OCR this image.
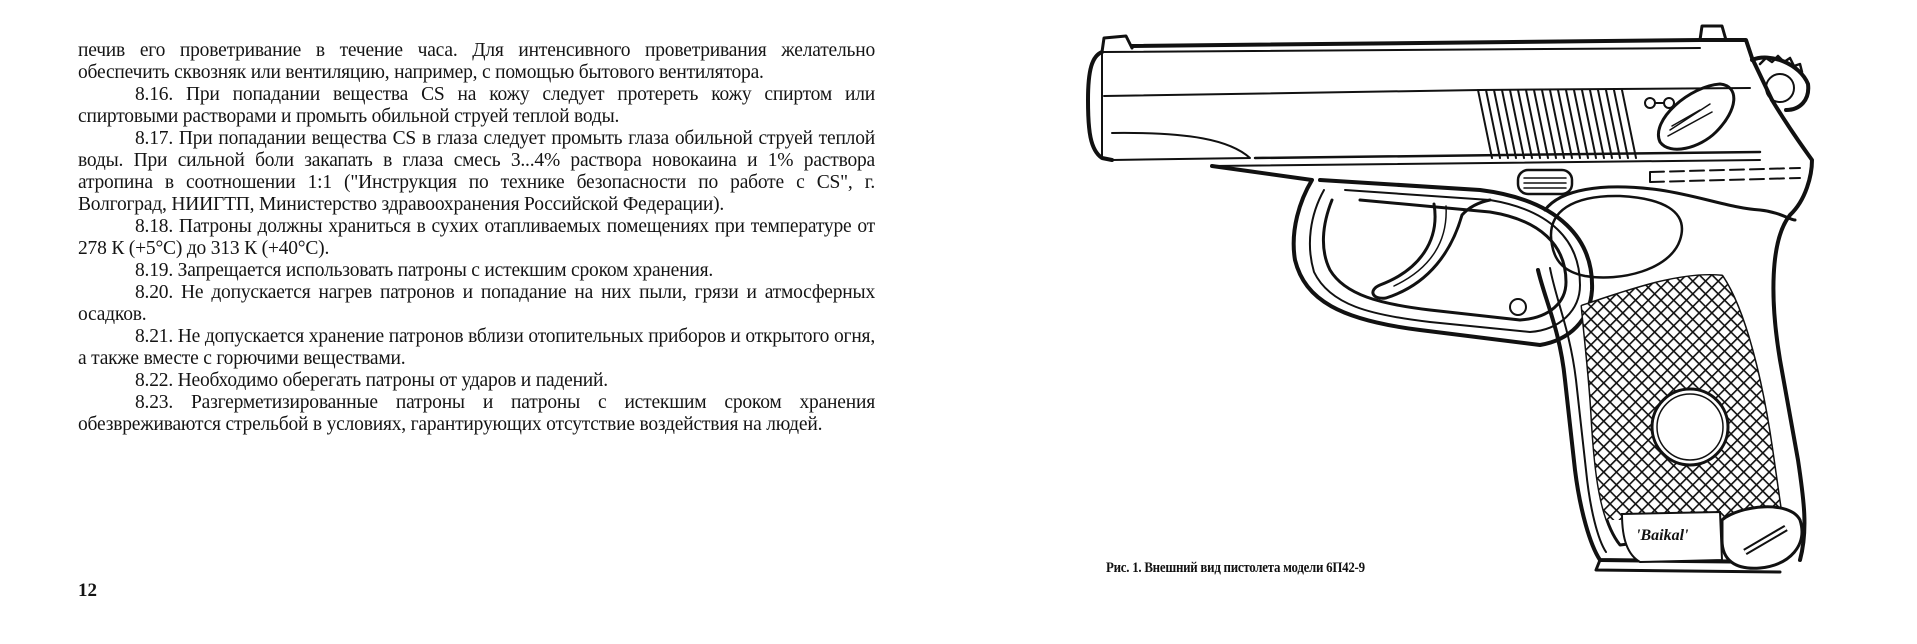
печив его проветривание в течение часа. Для интенсивного проветривания желательно обеспечить сквозняк или вентиляцию, например, с помощью бытового вентилятора.

8.16. При попадании вещества CS на кожу следует протереть кожу спиртом или спиртовыми растворами и промыть обильной струей теплой воды.

8.17. При попадании вещества CS в глаза следует промыть глаза обильной струей теплой воды. При сильной боли закапать в глаза смесь 3...4% раствора новокаина и 1% раствора атропина в соотношении 1:1 ("Инструкция по технике безопасности по работе с CS", г. Волгоград, НИИГТП, Министерство здравоохранения Российской Федерации).

8.18. Патроны должны храниться в сухих отапливаемых помещениях при температуре от 278 К (+5°С) до 313 К (+40°С).

8.19. Запрещается использовать патроны с истекшим сроком хранения.

8.20. Не допускается нагрев патронов и попадание на них пыли, грязи и атмосферных осадков.

8.21. Не допускается хранение патронов вблизи отопительных приборов и открытого огня, а также вместе с горючими веществами.

8.22. Необходимо оберегать патроны от ударов и падений.

8.23. Разгерметизированные патроны и патроны с истекшим сроком хранения обезвреживаются стрельбой в условиях, гарантирующих отсутствие воздействия на людей.

12
'Baikal'
Рис. 1. Внешний вид пистолета модели 6П42-9
